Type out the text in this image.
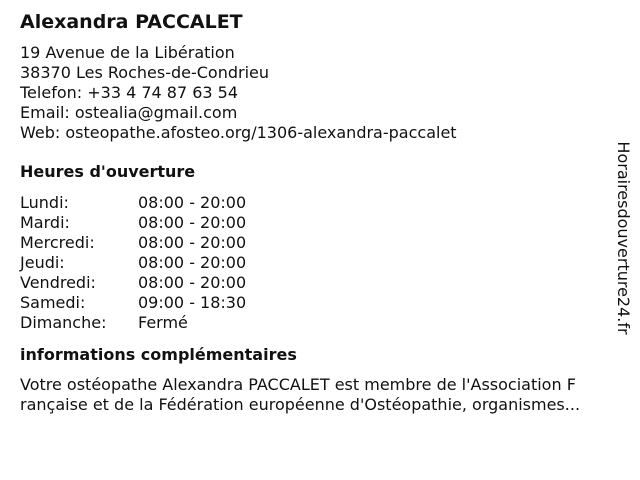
Alexandra PACCALET
19 Avenue de la Libération
38370 Les Roches-de-Condrieu
Telefon: +33 4 74 87 63 54
Email: ostealia@gmail.com
Web: osteopathe.afosteo.org/1306-alexandra-paccalet
Heures d'ouverture
Lundi:	08:00 - 20:00
Mardi:	08:00 - 20:00
Mercredi:	08:00 - 20:00
Jeudi:	08:00 - 20:00
Vendredi:	08:00 - 20:00
Samedi:	09:00 - 18:30
Dimanche:	Fermé
informations complémentaires
Votre ostéopathe Alexandra PACCALET est membre de l'Association F
rançaise et de la Fédération européenne d'Ostéopathie, organismes...
Horairesdouverture24.fr
